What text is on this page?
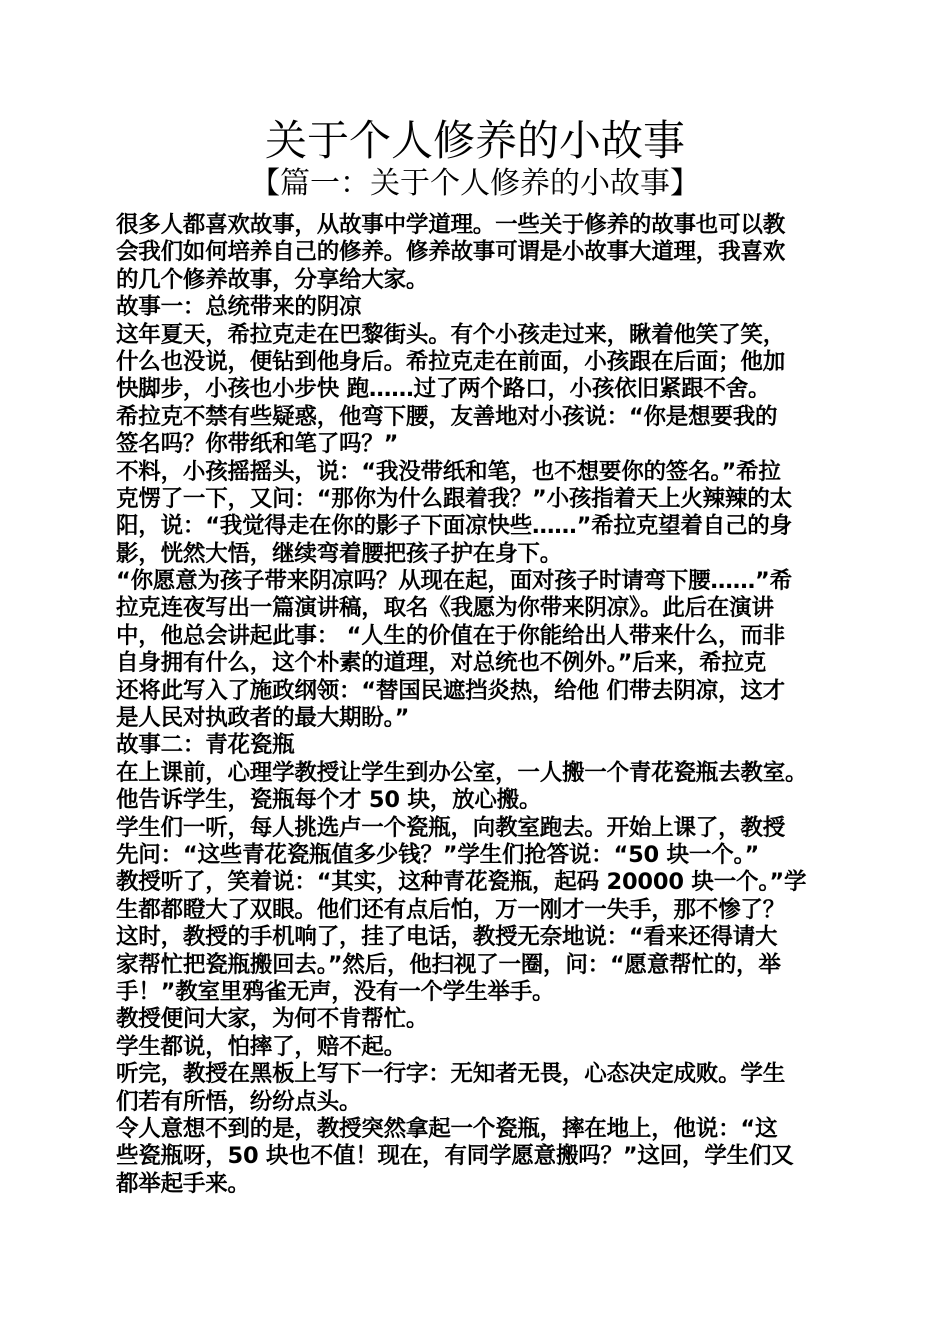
关于个人修养的小故事
【篇一：关于个人修养的小故事】
很多人都喜欢故事，从故事中学道理。一些关于修养的故事也可以教
会我们如何培养自己的修养。修养故事可谓是小故事大道理，我喜欢
的几个修养故事，分享给大家。
故事一：总统带来的阴凉
这年夏天，希拉克走在巴黎街头。有个小孩走过来，瞅着他笑了笑，
什么也没说，便钻到他身后。希拉克走在前面，小孩跟在后面；他加
快脚步，小孩也小步快 跑……过了两个路口，小孩依旧紧跟不舍。
希拉克不禁有些疑惑，他弯下腰，友善地对小孩说：“你是想要我的
签名吗？你带纸和笔了吗？”
不料，小孩摇摇头，说：“我没带纸和笔，也不想要你的签名。”希拉
克愣了一下，又问：“那你为什么跟着我？”小孩指着天上火辣辣的太
阳，说：“我觉得走在你的影子下面凉快些……”希拉克望着自己的身
影，恍然大悟，继续弯着腰把孩子护在身下。
“你愿意为孩子带来阴凉吗？从现在起，面对孩子时请弯下腰……”希
拉克连夜写出一篇演讲稿，取名《我愿为你带来阴凉》。此后在演讲
中，他总会讲起此事： “人生的价值在于你能给出人带来什么，而非
自身拥有什么，这个朴素的道理，对总统也不例外。”后来，希拉克
还将此写入了施政纲领：“替国民遮挡炎热，给他 们带去阴凉，这才
是人民对执政者的最大期盼。”
故事二：青花瓷瓶
在上课前，心理学教授让学生到办公室，一人搬一个青花瓷瓶去教室。
他告诉学生，瓷瓶每个才 50 块，放心搬。
学生们一听，每人挑选卢一个瓷瓶，向教室跑去。开始上课了，教授
先问：“这些青花瓷瓶值多少钱？”学生们抢答说：“50 块一个。”
教授听了，笑着说：“其实，这种青花瓷瓶，起码 20000 块一个。”学
生都都瞪大了双眼。他们还有点后怕，万一刚才一失手，那不惨了？
这时，教授的手机响了，挂了电话，教授无奈地说：“看来还得请大
家帮忙把瓷瓶搬回去。”然后，他扫视了一圈，问：“愿意帮忙的，举
手！”教室里鸦雀无声，没有一个学生举手。
教授便问大家，为何不肯帮忙。
学生都说，怕摔了，赔不起。
听完，教授在黑板上写下一行字：无知者无畏，心态决定成败。学生
们若有所悟，纷纷点头。
令人意想不到的是，教授突然拿起一个瓷瓶，摔在地上，他说：“这
些瓷瓶呀，50 块也不值！现在，有同学愿意搬吗？”这回，学生们又
都举起手来。
